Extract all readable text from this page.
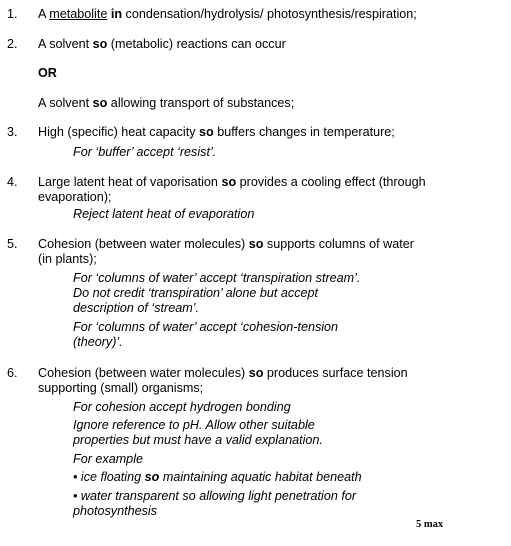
1. A metabolite in condensation/hydrolysis/ photosynthesis/respiration;
2. A solvent so (metabolic) reactions can occur
OR
A solvent so allowing transport of substances;
3. High (specific) heat capacity so buffers changes in temperature;
For ‘buffer’ accept ‘resist’.
4. Large latent heat of vaporisation so provides a cooling effect (through
evaporation);
Reject latent heat of evaporation
5. Cohesion (between water molecules) so supports columns of water
(in plants);
For ‘columns of water’ accept ‘transpiration stream’.
Do not credit ‘transpiration’ alone but accept
description of ‘stream’.
For ‘columns of water’ accept ‘cohesion-tension
(theory)’.
6. Cohesion (between water molecules) so produces surface tension
supporting (small) organisms;
For cohesion accept hydrogen bonding
Ignore reference to pH. Allow other suitable
properties but must have a valid explanation.
For example
• ice floating so maintaining aquatic habitat beneath
• water transparent so allowing light penetration for
photosynthesis
5 max
